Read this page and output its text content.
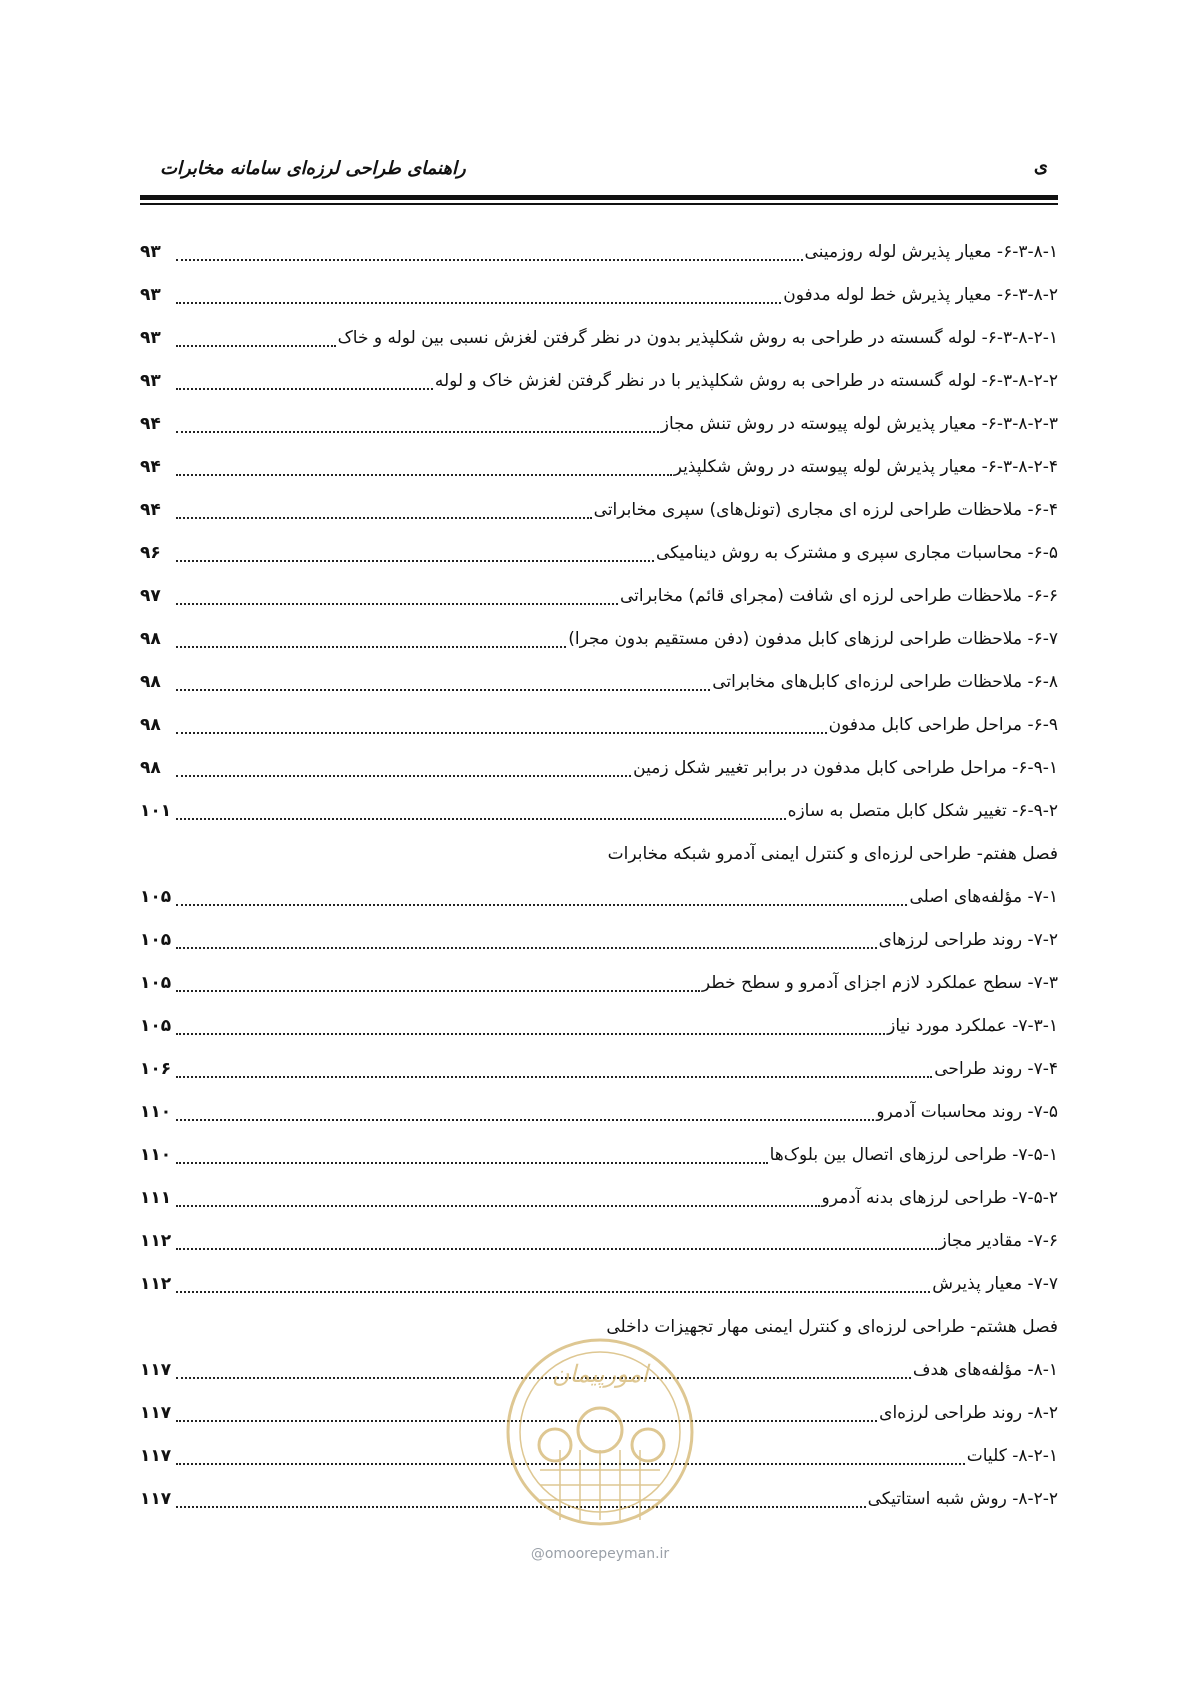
راهنمای طراحی لرزه‌ای سامانه مخابرات	ی
۶-۳-۸-۱- معیار پذیرش لوله روزمینی
۹۳
۶-۳-۸-۲- معیار پذیرش خط لوله مدفون
۹۳
۶-۳-۸-۲-۱- لوله گسسته در طراحی به روش شکلپذیر بدون در نظر گرفتن لغزش نسبی بین لوله و خاک
۹۳
۶-۳-۸-۲-۲- لوله گسسته در طراحی به روش شکلپذیر با در نظر گرفتن لغزش خاک و لوله
۹۳
۶-۳-۸-۲-۳- معیار پذیرش لوله پیوسته در روش تنش مجاز
۹۴
۶-۳-۸-۲-۴- معیار پذیرش لوله پیوسته در روش شکلپذیر
۹۴
۶-۴- ملاحظات طراحی لرزه ای مجاری (تونل‌های) سپری مخابراتی
۹۴
۶-۵- محاسبات مجاری سپری و مشترک به روش دینامیکی
۹۶
۶-۶- ملاحظات طراحی لرزه ای شافت (مجرای قائم) مخابراتی
۹۷
۶-۷- ملاحظات طراحی لرزهای کابل مدفون (دفن مستقیم بدون مجرا)
۹۸
۶-۸- ملاحظات طراحی لرزه‌ای کابل‌های مخابراتی
۹۸
۶-۹- مراحل طراحی کابل مدفون
۹۸
۶-۹-۱- مراحل طراحی کابل مدفون در برابر تغییر شکل زمین
۹۸
۶-۹-۲- تغییر شکل کابل متصل به سازه
۱۰۱
فصل هفتم- طراحی لرزه‌ای و کنترل ایمنی آدمرو شبکه مخابرات
۷-۱- مؤلفه‌های اصلی
۱۰۵
۷-۲- روند طراحی لرزهای
۱۰۵
۷-۳- سطح عملکرد لازم اجزای آدمرو و سطح خطر
۱۰۵
۷-۳-۱- عملکرد مورد نیاز
۱۰۵
۷-۴- روند طراحی
۱۰۶
۷-۵- روند محاسبات آدمرو
۱۱۰
۷-۵-۱- طراحی لرزهای اتصال بین بلوک‌ها
۱۱۰
۷-۵-۲- طراحی لرزهای بدنه آدمرو
۱۱۱
۷-۶- مقادیر مجاز
۱۱۲
۷-۷- معیار پذیرش
۱۱۲
فصل هشتم- طراحی لرزه‌ای و کنترل ایمنی مهار تجهیزات داخلی
۸-۱- مؤلفه‌های هدف
۱۱۷
۸-۲- روند طراحی لرزه‌ای
۱۱۷
۸-۲-۱- کلیات
۱۱۷
۸-۲-۲- روش شبه استاتیکی
۱۱۷
امورپیمان
@omoorepeyman.ir
